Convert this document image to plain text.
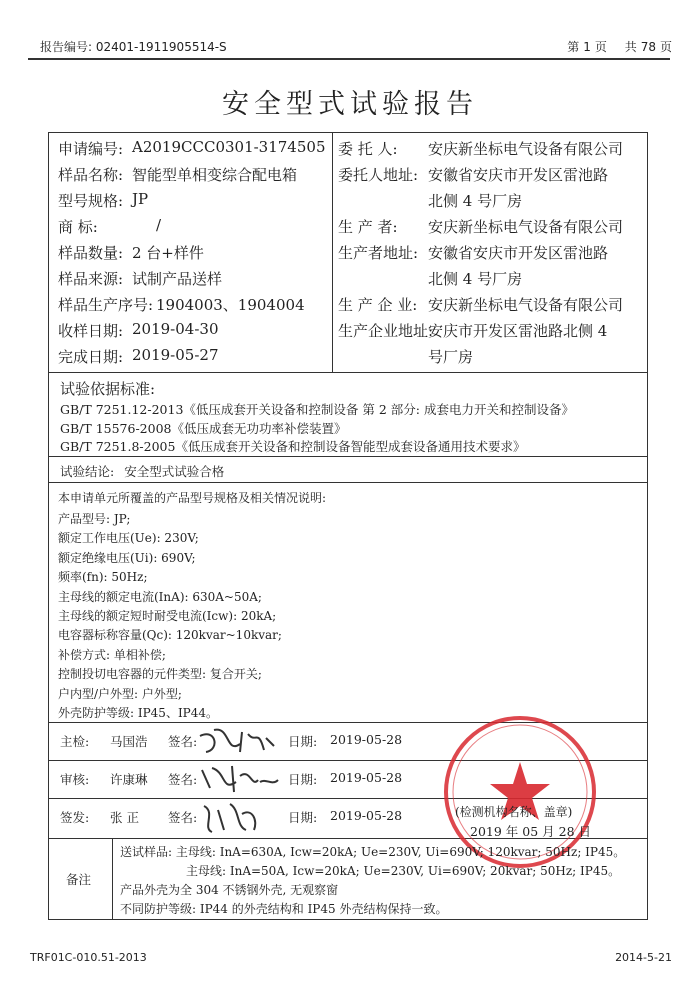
报告编号: 02401-1911905514-S	第 1 页 共 78 页
安全型式试验报告
申请编号: A2019CCC0301-3174505
样品名称: 智能型单相变综合配电箱
型号规格: JP
商 标:	/
样品数量: 2 台+样件
样品来源: 试制产品送样
样品生产序号: 1904003、1904004
收样日期: 2019-04-30
完成日期: 2019-05-27
委 托 人: 安庆新坐标电气设备有限公司
委托人地址: 安徽省安庆市开发区雷池路
北侧 4 号厂房
生 产 者: 安庆新坐标电气设备有限公司
生产者地址: 安徽省安庆市开发区雷池路
北侧 4 号厂房
生 产 企 业: 安庆新坐标电气设备有限公司
生产企业地址:
安庆市开发区雷池路北侧 4
号厂房
试验依据标准:
GB/T 7251.12-2013《低压成套开关设备和控制设备 第 2 部分: 成套电力开关和控制设备》
GB/T 15576-2008《低压成套无功功率补偿装置》
GB/T 7251.8-2005《低压成套开关设备和控制设备智能型成套设备通用技术要求》
试验结论: 安全型式试验合格
本申请单元所覆盖的产品型号规格及相关情况说明:
产品型号: JP;
额定工作电压(Ue): 230V;
额定绝缘电压(Ui): 690V;
频率(fn): 50Hz;
主母线的额定电流(InA): 630A~50A;
主母线的额定短时耐受电流(Icw): 20kA;
电容器标称容量(Qc): 120kvar~10kvar;
补偿方式: 单相补偿;
控制投切电容器的元件类型: 复合开关;
户内型/户外型: 户外型;
外壳防护等级: IP45、IP44。
主检: 马国浩 签名:	日期: 2019-05-28
审核: 许康琳 签名:	日期: 2019-05-28
签发: 张 正 签名:	日期: 2019-05-28	(检测机构名称、盖章)
2019 年 05 月 28 日
备注
送试样品: 主母线: InA=630A, Icw=20kA; Ue=230V, Ui=690V; 120kvar; 50Hz; IP45。
主母线: InA=50A, Icw=20kA; Ue=230V, Ui=690V; 20kvar; 50Hz; IP45。
产品外壳为全 304 不锈钢外壳, 无观察窗
不同防护等级: IP44 的外壳结构和 IP45 外壳结构保持一致。
TRF01C-010.51-2013	2014-5-21
